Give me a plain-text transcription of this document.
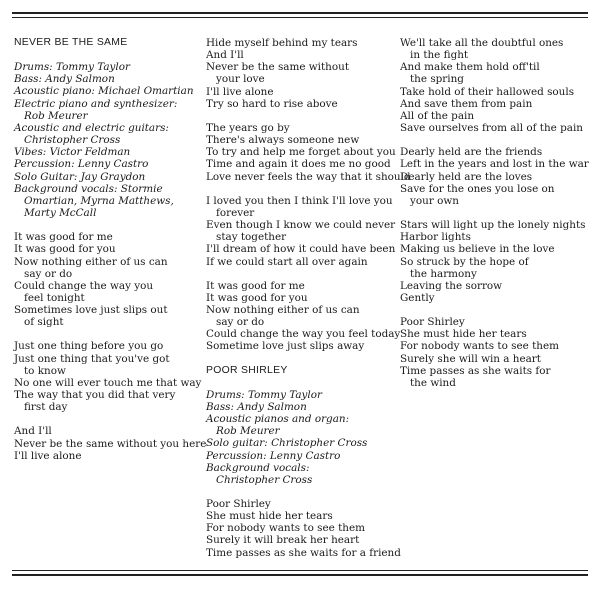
NEVER BE THE SAME
Drums: Tommy Taylor
Bass: Andy Salmon
Acoustic piano: Michael Omartian
Electric piano and synthesizer:
Rob Meurer
Acoustic and electric guitars:
Christopher Cross
Vibes: Victor Feldman
Percussion: Lenny Castro
Solo Guitar: Jay Graydon
Background vocals: Stormie
Omartian, Myrna Matthews,
Marty McCall
It was good for me
It was good for you
Now nothing either of us can
say or do
Could change the way you
feel tonight
Sometimes love just slips out
of sight
Just one thing before you go
Just one thing that you've got
to know
No one will ever touch me that way
The way that you did that very
first day
And I'll
Never be the same without you here
I'll live alone
Hide myself behind my tears
And I'll
Never be the same without
your love
I'll live alone
Try so hard to rise above
The years go by
There's always someone new
To try and help me forget about you
Time and again it does me no good
Love never feels the way that it should
I loved you then I think I'll love you
forever
Even though I know we could never
stay together
I'll dream of how it could have been
If we could start all over again
It was good for me
It was good for you
Now nothing either of us can
say or do
Could change the way you feel today
Sometime love just slips away
POOR SHIRLEY
Drums: Tommy Taylor
Bass: Andy Salmon
Acoustic pianos and organ:
Rob Meurer
Solo guitar: Christopher Cross
Percussion: Lenny Castro
Background vocals:
Christopher Cross
Poor Shirley
She must hide her tears
For nobody wants to see them
Surely it will break her heart
Time passes as she waits for a friend
We'll take all the doubtful ones
in the fight
And make them hold off'til
the spring
Take hold of their hallowed souls
And save them from pain
All of the pain
Save ourselves from all of the pain
Dearly held are the friends
Left in the years and lost in the war
Dearly held are the loves
Save for the ones you lose on
your own
Stars will light up the lonely nights
Harbor lights
Making us believe in the love
So struck by the hope of
the harmony
Leaving the sorrow
Gently
Poor Shirley
She must hide her tears
For nobody wants to see them
Surely she will win a heart
Time passes as she waits for
the wind
